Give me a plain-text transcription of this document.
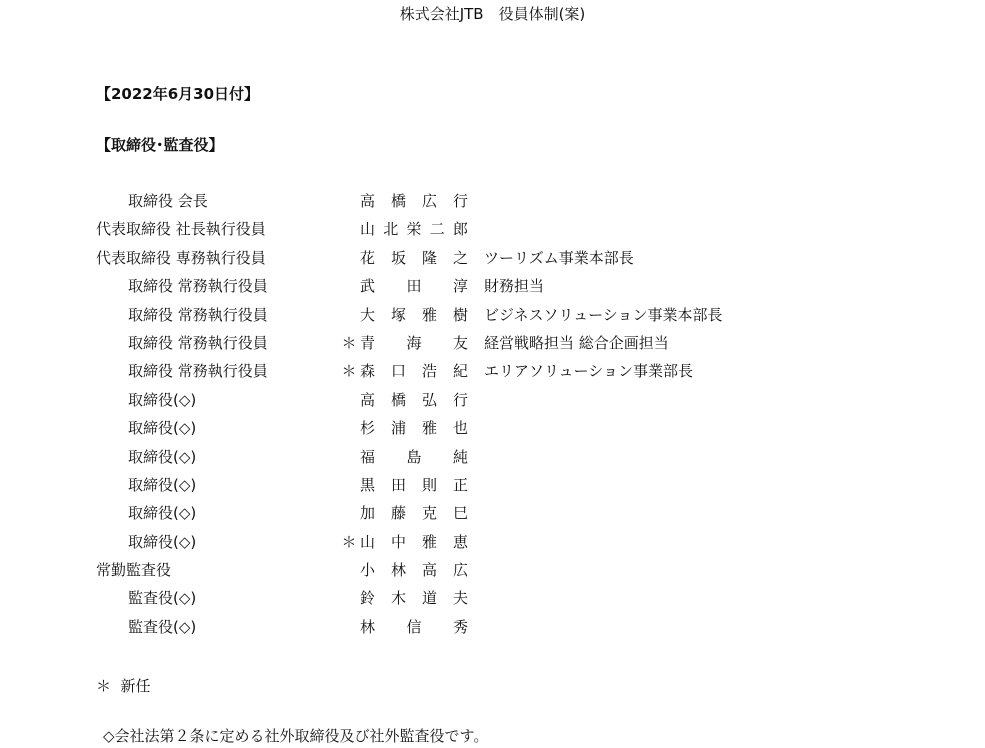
株式会社JTB　役員体制(案)
【2022年6月30日付】
【取締役･監査役】
取締役 会長	高 橋 広 行
代表取締役 社長執行役員	山北栄二郎
代表取締役 専務執行役員	花 坂 隆 之 ツーリズム事業本部長
取締役 常務執行役員	武　田　淳 財務担当
取締役 常務執行役員	大 塚 雅 樹 ビジネスソリューション事業本部長
取締役 常務執行役員	＊ 青　海　友 経営戦略担当 総合企画担当
取締役 常務執行役員	＊ 森 口 浩 紀 エリアソリューション事業部長
取締役(◇)	高 橋 弘 行
取締役(◇)	杉 浦 雅 也
取締役(◇)	福　島　純
取締役(◇)	黒 田 則 正
取締役(◇)	加 藤 克 巳
取締役(◇)	＊ 山 中 雅 恵
常勤監査役	小 林 高 広
監査役(◇)	鈴 木 道 夫
監査役(◇)	林　信　秀
＊  新任
◇会社法第２条に定める社外取締役及び社外監査役です。
